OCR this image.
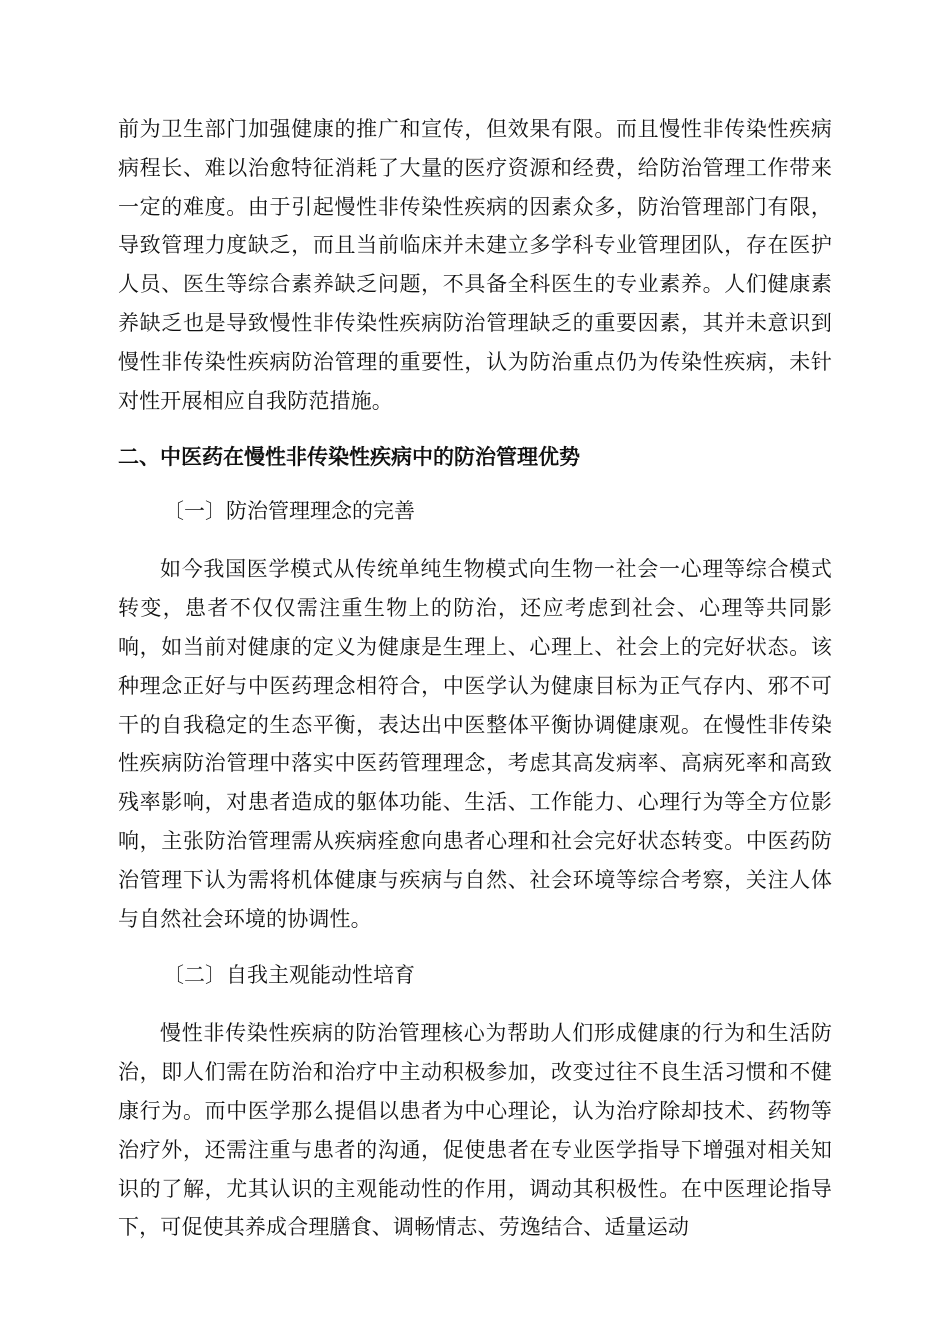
前为卫生部门加强健康的推广和宣传，但效果有限。而且慢性非传染性疾病病程长、难以治愈特征消耗了大量的医疗资源和经费，给防治管理工作带来一定的难度。由于引起慢性非传染性疾病的因素众多，防治管理部门有限，导致管理力度缺乏，而且当前临床并未建立多学科专业管理团队，存在医护人员、医生等综合素养缺乏问题，不具备全科医生的专业素养。人们健康素养缺乏也是导致慢性非传染性疾病防治管理缺乏的重要因素，其并未意识到慢性非传染性疾病防治管理的重要性，认为防治重点仍为传染性疾病，未针对性开展相应自我防范措施。

二、中医药在慢性非传染性疾病中的防治管理优势
〔一〕防治管理理念的完善

如今我国医学模式从传统单纯生物模式向生物一社会一心理等综合模式转变，患者不仅仅需注重生物上的防治，还应考虑到社会、心理等共同影响，如当前对健康的定义为健康是生理上、心理上、社会上的完好状态。该种理念正好与中医药理念相符合，中医学认为健康目标为正气存内、邪不可干的自我稳定的生态平衡，表达出中医整体平衡协调健康观。在慢性非传染性疾病防治管理中落实中医药管理理念，考虑其高发病率、高病死率和高致残率影响，对患者造成的躯体功能、生活、工作能力、心理行为等全方位影响，主张防治管理需从疾病痊愈向患者心理和社会完好状态转变。中医药防治管理下认为需将机体健康与疾病与自然、社会环境等综合考察，关注人体与自然社会环境的协调性。

〔二〕自我主观能动性培育

慢性非传染性疾病的防治管理核心为帮助人们形成健康的行为和生活防治，即人们需在防治和治疗中主动积极参加，改变过往不良生活习惯和不健康行为。而中医学那么提倡以患者为中心理论，认为治疗除却技术、药物等治疗外，还需注重与患者的沟通，促使患者在专业医学指导下增强对相关知识的了解，尤其认识的主观能动性的作用，调动其积极性。在中医理论指导下，可促使其养成合理膳食、调畅情志、劳逸结合、适量运动
